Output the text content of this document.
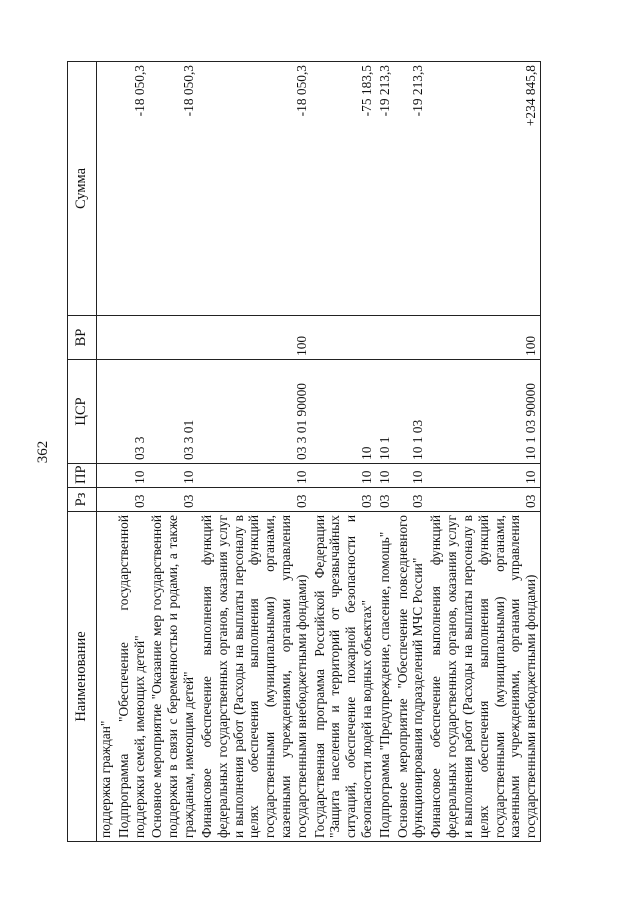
362
Наименование	Рз	ПР	ЦСР	ВР	Сумма
поддержка граждан"					
Подпрограмма "Обеспечение государственной поддержки семей, имеющих детей"	03	10	03 3		-18 050,3
Основное мероприятие "Оказание мер государственной поддержки в связи с беременностью и родами, а также гражданам, имеющим детей"	03	10	03 3 01		-18 050,3
Финансовое обеспечение выполнения функций федеральных государственных органов, оказания услуг и выполнения работ (Расходы на выплаты персоналу в целях обеспечения выполнения функций государственными (муниципальными) органами, казенными учреждениями, органами управления государственными внебюджетными фондами)	03	10	03 3 01 90000	100	-18 050,3
Государственная программа Российской Федерации "Защита населения и территорий от чрезвычайных ситуаций, обеспечение пожарной безопасности и безопасности людей на водных объектах"	03	10	10		-75 183,5
Подпрограмма "Предупреждение, спасение, помощь"	03	10	10 1		-19 213,3
Основное мероприятие "Обеспечение повседневного функционирования подразделений МЧС России"	03	10	10 1 03		-19 213,3
Финансовое обеспечение выполнения функций федеральных государственных органов, оказания услуг и выполнения работ (Расходы на выплаты персоналу в целях обеспечения выполнения функций государственными (муниципальными) органами, казенными учреждениями, органами управления государственными внебюджетными фондами)	03	10	10 1 03 90000	100	+234 845,8
